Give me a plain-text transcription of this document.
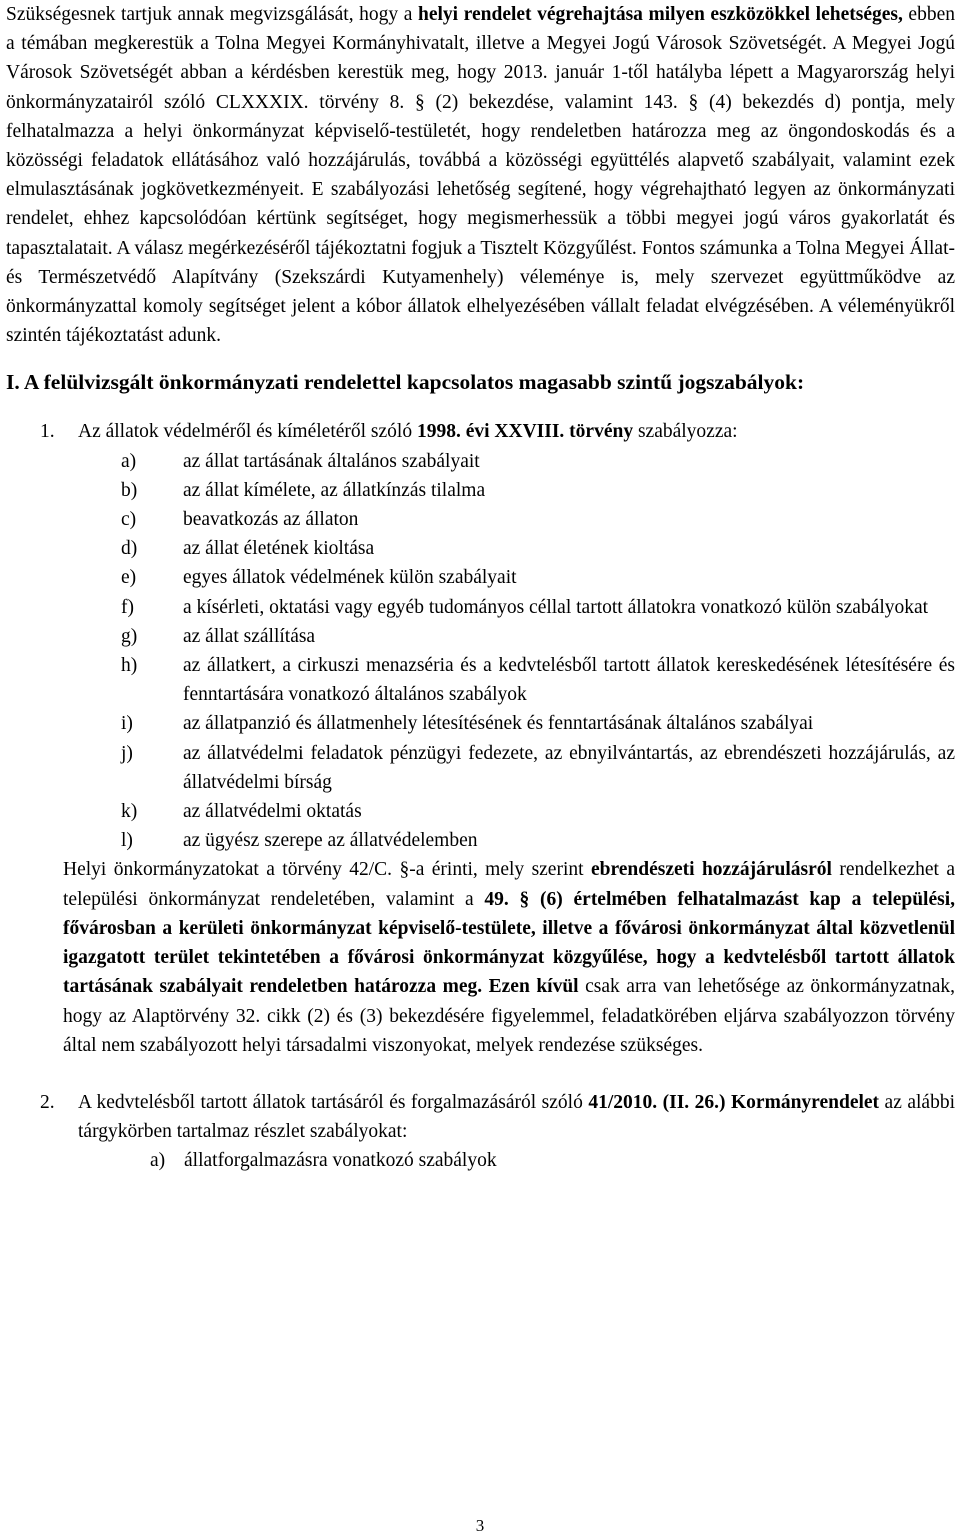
Szükségesnek tartjuk annak megvizsgálását, hogy a helyi rendelet végrehajtása milyen eszközökkel lehetséges, ebben a témában megkerestük a Tolna Megyei Kormányhivatalt, illetve a Megyei Jogú Városok Szövetségét. A Megyei Jogú Városok Szövetségét abban a kérdésben kerestük meg, hogy 2013. január 1-től hatályba lépett a Magyarország helyi önkormányzatairól szóló CLXXXIX. törvény 8. § (2) bekezdése, valamint 143. § (4) bekezdés d) pontja, mely felhatalmazza a helyi önkormányzat képviselő-testületét, hogy rendeletben határozza meg az öngondoskodás és a közösségi feladatok ellátásához való hozzájárulás, továbbá a közösségi együttélés alapvető szabályait, valamint ezek elmulasztásának jogkövetkezményeit. E szabályozási lehetőség segítené, hogy végrehajtható legyen az önkormányzati rendelet, ehhez kapcsolódóan kértünk segítséget, hogy megismerhessük a többi megyei jogú város gyakorlatát és tapasztalatait. A válasz megérkezéséről tájékoztatni fogjuk a Tisztelt Közgyűlést. Fontos számunka a Tolna Megyei Állat- és Természetvédő Alapítvány (Szekszárdi Kutyamenhely) véleménye is, mely szervezet együttműködve az önkormányzattal komoly segítséget jelent a kóbor állatok elhelyezésében vállalt feladat elvégzésében. A véleményükről szintén tájékoztatást adunk.

I. A felülvizsgált önkormányzati rendelettel kapcsolatos magasabb szintű jogszabályok:
1.	Az állatok védelméről és kíméletéről szóló 1998. évi XXVIII. törvény szabályozza:
a)	az állat tartásának általános szabályait
b)	az állat kímélete, az állatkínzás tilalma
c)	beavatkozás az állaton
d)	az állat életének kioltása
e)	egyes állatok védelmének külön szabályait
f)	a kísérleti, oktatási vagy egyéb tudományos céllal tartott állatokra vonatkozó külön szabályokat
g)	az állat szállítása
h)	az állatkert, a cirkuszi menazséria és a kedvtelésből tartott állatok kereskedésének létesítésére és fenntartására vonatkozó általános szabályok
i)	az állatpanzió és állatmenhely létesítésének és fenntartásának általános szabályai
j)	az állatvédelmi feladatok pénzügyi fedezete, az ebnyilvántartás, az ebrendészeti hozzájárulás, az állatvédelmi bírság
k)	az állatvédelmi oktatás
l)	az ügyész szerepe az állatvédelemben

Helyi önkormányzatokat a törvény 42/C. §-a érinti, mely szerint ebrendészeti hozzájárulásról rendelkezhet a települési önkormányzat rendeletében, valamint a 49. § (6) értelmében felhatalmazást kap a települési, fővárosban a kerületi önkormányzat képviselő-testülete, illetve a fővárosi önkormányzat által közvetlenül igazgatott terület tekintetében a fővárosi önkormányzat közgyűlése, hogy a kedvtelésből tartott állatok tartásának szabályait rendeletben határozza meg. Ezen kívül csak arra van lehetősége az önkormányzatnak, hogy az Alaptörvény 32. cikk (2) és (3) bekezdésére figyelemmel, feladatkörében eljárva szabályozzon törvény által nem szabályozott helyi társadalmi viszonyokat, melyek rendezése szükséges.

2.	A kedvtelésből tartott állatok tartásáról és forgalmazásáról szóló 41/2010. (II. 26.) Kormányrendelet az alábbi tárgykörben tartalmaz részlet szabályokat:
a) állatforgalmazásra vonatkozó szabályok
3
